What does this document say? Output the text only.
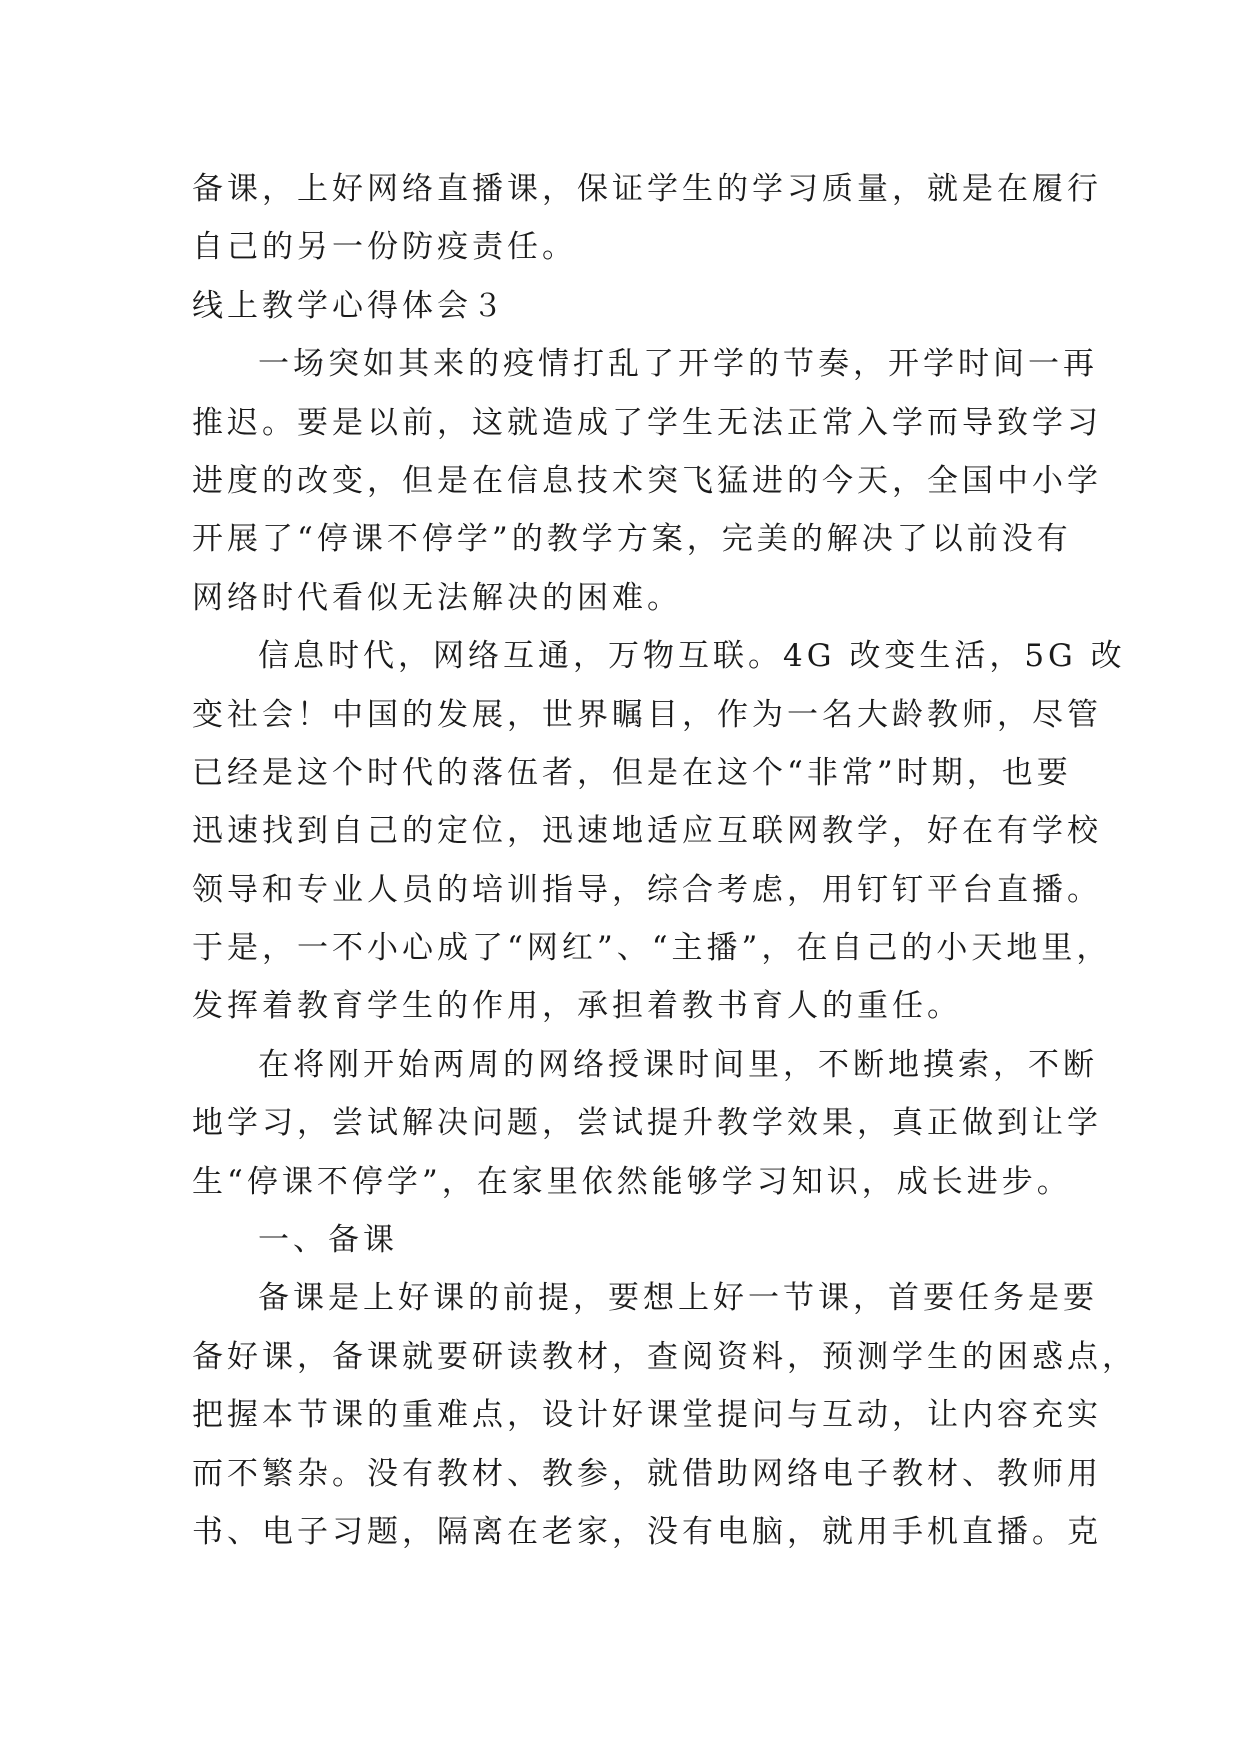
备课，上好网络直播课，保证学生的学习质量，就是在履行

自己的另一份防疫责任。

线上教学心得体会３

一场突如其来的疫情打乱了开学的节奏，开学时间一再

推迟。要是以前，这就造成了学生无法正常入学而导致学习

进度的改变，但是在信息技术突飞猛进的今天，全国中小学

开展了“停课不停学”的教学方案，完美的解决了以前没有

网络时代看似无法解决的困难。

信息时代，网络互通，万物互联。4G 改变生活，5G 改

变社会！中国的发展，世界瞩目，作为一名大龄教师，尽管

已经是这个时代的落伍者，但是在这个“非常”时期，也要

迅速找到自己的定位，迅速地适应互联网教学，好在有学校

领导和专业人员的培训指导，综合考虑，用钉钉平台直播。

于是，一不小心成了“网红”、“主播”，在自己的小天地里，

发挥着教育学生的作用，承担着教书育人的重任。

在将刚开始两周的网络授课时间里，不断地摸索，不断

地学习，尝试解决问题，尝试提升教学效果，真正做到让学

生“停课不停学”，在家里依然能够学习知识，成长进步。

一、备课

备课是上好课的前提，要想上好一节课，首要任务是要

备好课，备课就要研读教材，查阅资料，预测学生的困惑点，

把握本节课的重难点，设计好课堂提问与互动，让内容充实

而不繁杂。没有教材、教参，就借助网络电子教材、教师用

书、电子习题，隔离在老家，没有电脑，就用手机直播。克
